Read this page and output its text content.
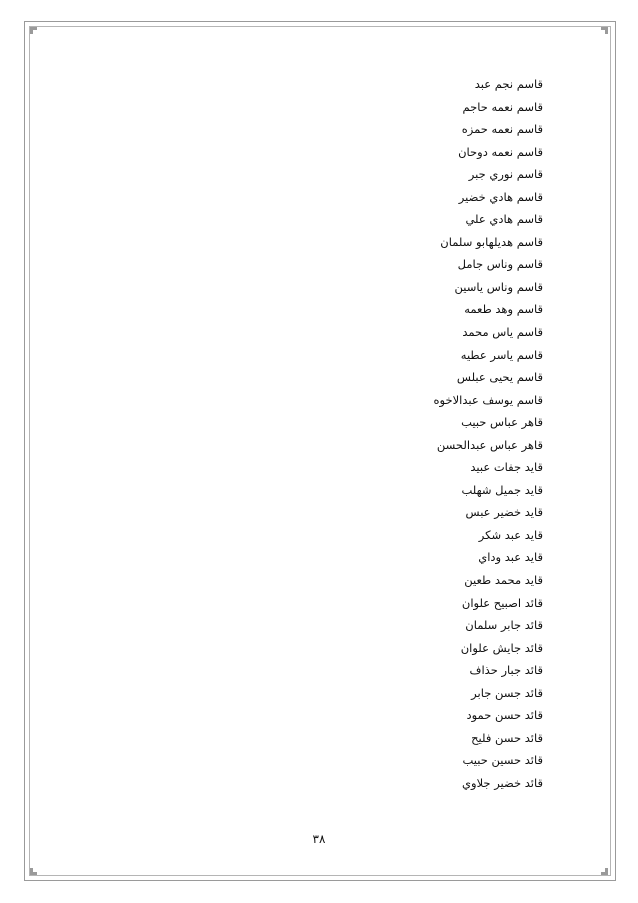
قاسم نجم عبد
قاسم نعمه حاجم
قاسم نعمه حمزه
قاسم نعمه دوحان
قاسم نوري جبر
قاسم هادي خضير
قاسم هادي علي
قاسم هديلهابو سلمان
قاسم وناس جامل
قاسم وناس ياسين
قاسم وهد طعمه
قاسم ياس محمد
قاسم ياسر عطيه
قاسم يحيى عبلس
قاسم يوسف عبدالاخوه
قاهر عباس حبيب
قاهر عباس عبدالحسن
قايد جفات عبيد
قايد جميل شهلب
قايد خضير عبس
قايد عبد شكر
قايد عبد وداي
قايد محمد طعين
قائد اصبيح علوان
قائد جابر سلمان
قائد جايش علوان
قائد جبار حذاف
قائد جسن جابر
قائد حسن حمود
قائد حسن فليح
قائد حسين حبيب
قائد خضير جلاوي
٣٨
